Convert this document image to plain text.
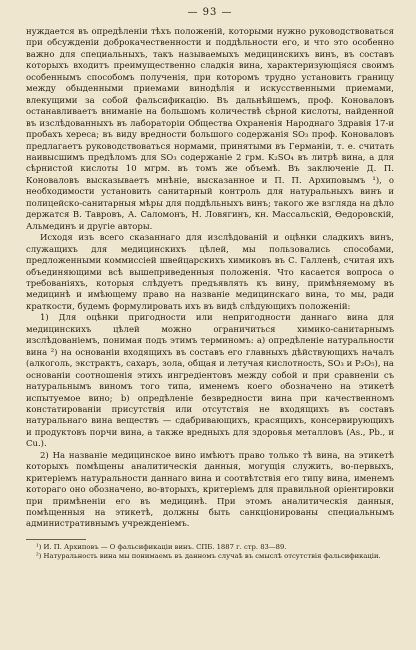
— 93 —

нуждается въ опредѣленіи тѣхъ положеній, которыми нужно руководствоваться при обсужденіи доброкачественности и поддѣльности его, и что это особенно важно для специальныхъ, такъ называемыхъ медицинскихъ винъ, въ составъ которыхъ входитъ преимущественно сладкія вина, характеризующіяся своимъ особеннымъ способомъ полученія, при которомъ трудно установить границу между обыденными приемами винодѣлія и искусственными приемами, влекущими за собой фальсификацію. Въ дальнѣйшемъ, проф. Коноваловъ останавливаетъ вниманіе на большомъ количествѣ сѣрной кислоты, найденной въ изслѣдованныхъ въ лабораторіи Общества Охраненія Народнаго Здравія 17-и пробахъ хереса; въ виду вредности большого содержанія SO₃ проф. Коноваловъ предлагаетъ руководствоваться нормами, принятыми въ Германіи, т. е. считать наивысшимъ предѣломъ для SO₃ содержаніе 2 грм. K₂SO₄ въ литрѣ вина, а для сѣрнистой кислоты 10 мгрм. въ томъ же объемѣ. Въ заключеніе Д. П. Коноваловъ высказываетъ мнѣніе, высказанное и П. П. Архиповымъ ¹), о необходимости установить санитарный контроль для натуральныхъ винъ и полицейско-санитарныя мѣры для поддѣльныхъ винъ; такого же взгляда на дѣло держатся В. Тавровъ, А. Саломонъ, Н. Ловягинъ, кн. Массальскій, Ѳедоровскій, Альмединъ и другіе авторы.

Исходя изъ всего сказаннаго для изслѣдованій и оцѣнки сладкихъ винъ, служащихъ для медицинскихъ цѣлей, мы пользовались способами, предложенными коммиссіей швейцарскихъ химиковъ въ С. Галленѣ, считая ихъ объединяющими всѣ вышеприведенныя положенія. Что касается вопроса о требованіяхъ, которыя слѣдуетъ предъявлять къ вину, примѣняемому въ медицинѣ и имѣющему право на названіе медицинскаго вина, то мы, ради краткости, будемъ формулировать ихъ въ видѣ слѣдующихъ положеній:

1) Для оцѣнки пригодности или непригодности даннаго вина для медицинскихъ цѣлей можно ограничиться химико-санитарнымъ изслѣдованіемъ, понимая подъ этимъ терминомъ: а) опредѣленіе натуральности вина ²) на основаніи входящихъ въ составъ его главныхъ дѣйствующихъ началъ (алкоголь, экстрактъ, сахаръ, зола, общая и летучая кислотность, SO₃ и P₂O₅), на основаніи соотношенія этихъ ингредіентовъ между собой и при сравненіи съ натуральнымъ виномъ того типа, именемъ коего обозначено на этикетѣ испытуемое вино; b) опредѣленіе безвредности вина при качественномъ констатированіи присутствія или отсутствія не входящихъ въ составъ натуральнаго вина веществъ — сдабривающихъ, красящихъ, консервирующихъ и продуктовъ порчи вина, а также вредныхъ для здоровья металловъ (As., Pb., и Cu.).

2) На названіе медицинское вино имѣютъ право только тѣ вина, на этикетѣ которыхъ помѣщены аналитическія данныя, могущія служить, во-первыхъ, критеріемъ натуральности даннаго вина и соотвѣтствія его типу вина, именемъ котораго оно обозначено, во-вторыхъ, критеріемъ для правильной оріентировки при примѣненіи его въ медицинѣ. При этомъ аналитическія данныя, помѣщенныя на этикетѣ, должны быть санкціонированы специальнымъ административнымъ учрежденіемъ.

¹) И. П. Архиповъ — О фальсификаціи винъ. СПБ. 1887 г. стр. 83—89.

²) Натуральность вина мы понимаемъ въ данномъ случаѣ въ смыслѣ отсутствія фальсификаціи.
